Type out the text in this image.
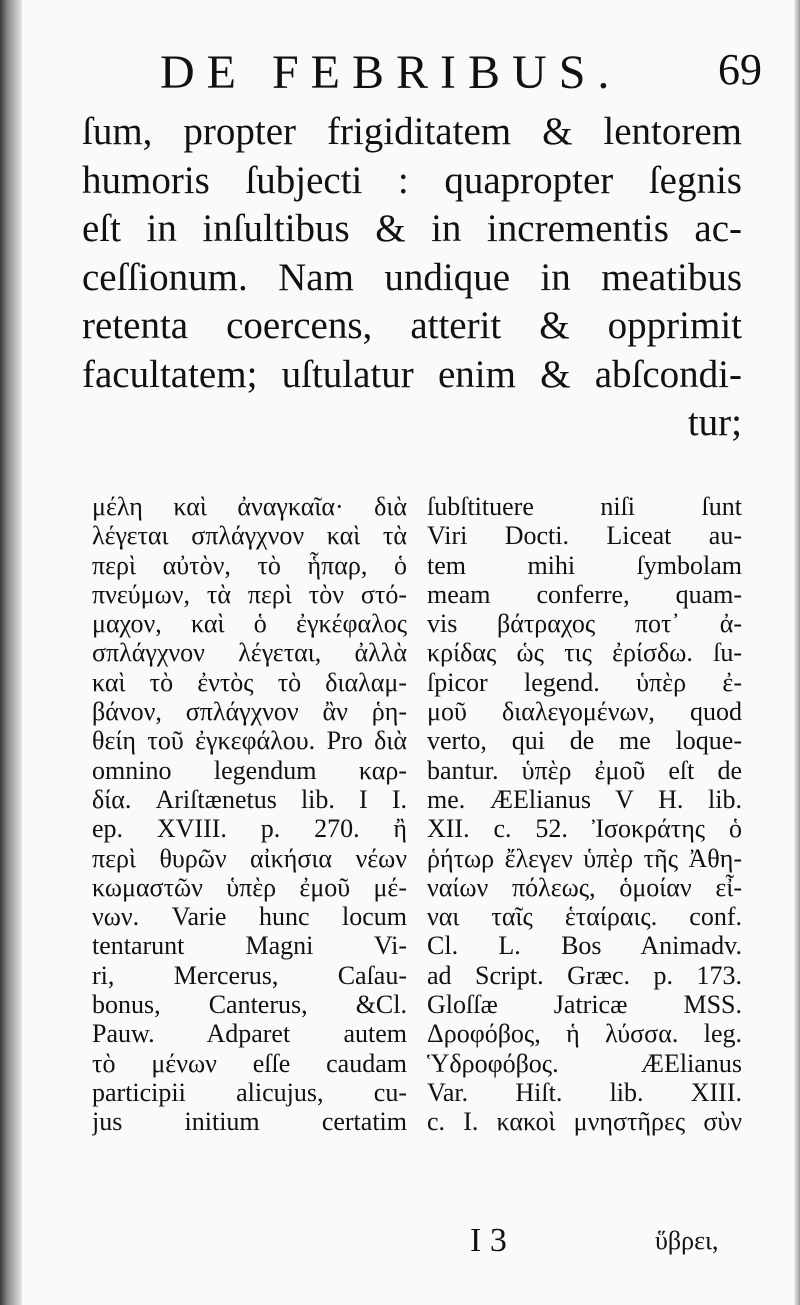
DE FEBRIBUS. 69
ſum, propter frigiditatem & lentorem
humoris ſubjecti : quapropter ſegnis
eſt in inſultibus & in incrementis ac-
ceſſionum. Nam undique in meatibus
retenta coercens, atterit & opprimit
facultatem; uſtulatur enim & abſcondi-
tur;
μέλη καὶ ἀναγκαῖα· διὰ
λέγεται σπλάγχνον καὶ τὰ
περὶ αὐτὸν, τὸ ἧπαρ, ὁ
πνεύμων, τὰ περὶ τὸν στό-
μαχον, καὶ ὁ ἐγκέφαλος
σπλάγχνον λέγεται, ἀλλὰ
καὶ τὸ ἐντὸς τὸ διαλαμ-
βάνον, σπλάγχνον ἂν ῥη-
θείη τοῦ ἐγκεφάλου. Pro διὰ
omnino legendum καρ-
δία. Ariſtænetus lib. I I.
ep. XVIII. p. 270. ἢ
περὶ θυρῶν αἰκήσια νέων
κωμαστῶν ὑπὲρ ἐμοῦ μέ-
νων. Varie hunc locum
tentarunt Magni Vi-
ri, Mercerus, Caſau-
bonus, Canterus, &Cl.
Pauw. Adparet autem
τὸ μένων eſſe caudam
participii alicujus, cu-
jus initium certatim
ſubſtituere niſi ſunt
Viri Docti. Liceat au-
tem mihi ſymbolam
meam conferre, quam-
vis βάτραχος ποτ᾽ ἀ-
κρίδας ὡς τις ἐρίσδω. ſu-
ſpicor legend. ὑπὲρ ἐ-
μοῦ διαλεγομένων, quod
verto, qui de me loque-
bantur. ὑπὲρ ἐμοῦ eſt de
me. ÆElianus V H. lib.
XII. c. 52. Ἰσοκράτης ὁ
ῥήτωρ ἔλεγεν ὑπὲρ τῆς Ἀθη-
ναίων πόλεως, ὁμοίαν εἶ-
ναι ταῖς ἑταίραις. conf.
Cl. L. Bos Animadv.
ad Script. Græc. p. 173.
Gloſſæ Jatricæ MSS.
Δροφόβος, ἡ λύσσα. leg.
Ὑδροφόβος. ÆElianus
Var. Hiſt. lib. XIII.
c. I. κακοὶ μνηστῆρες σὺν
I 3	ὕβρει,
